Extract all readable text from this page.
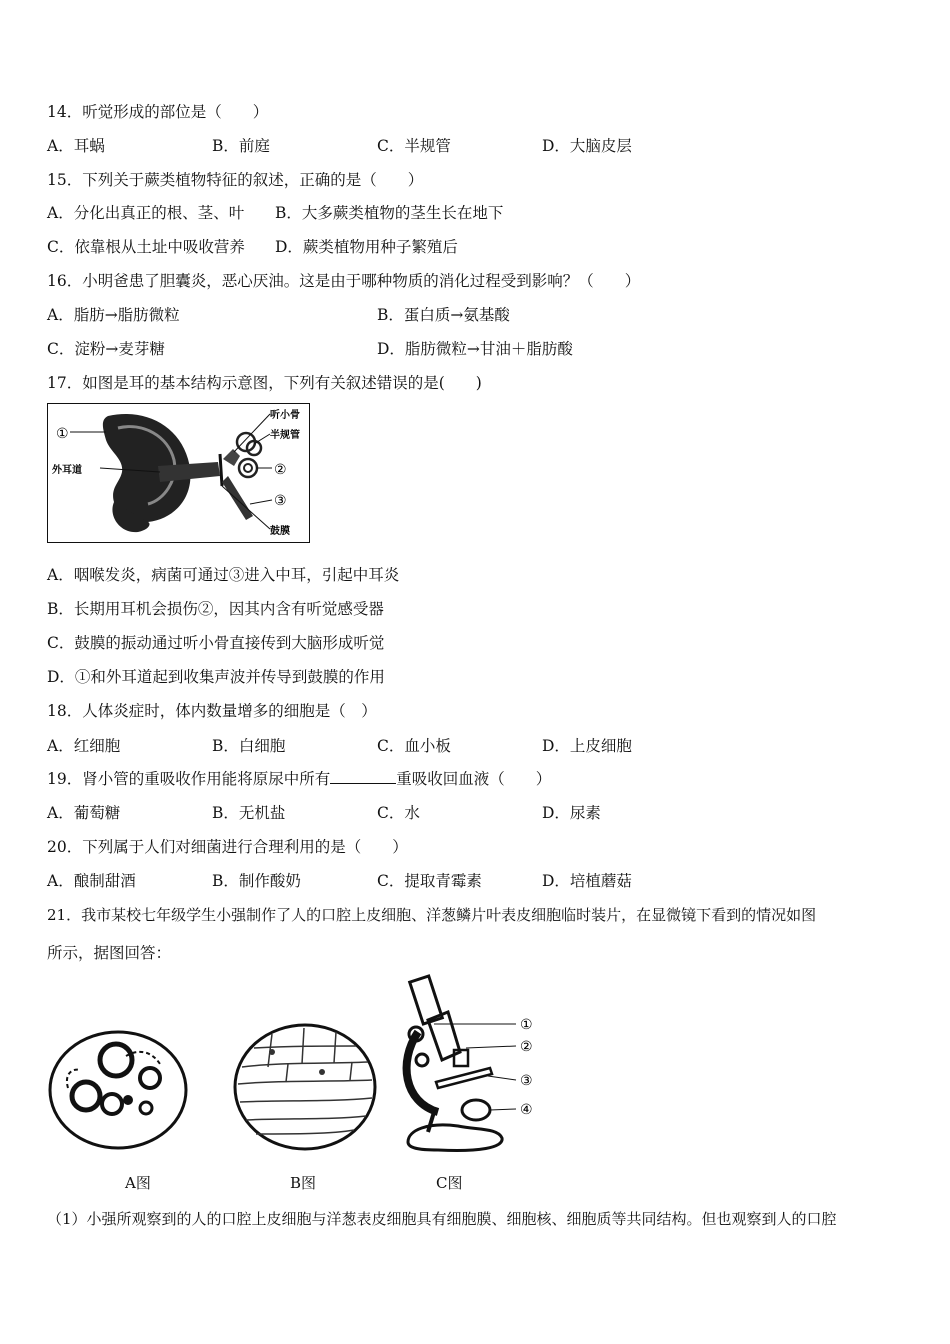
14．听觉形成的部位是（　　）
A．耳蜗	B．前庭	C．半规管	D．大脑皮层
15．下列关于蕨类植物特征的叙述，正确的是（　　）
A．分化出真正的根、茎、叶 B．大多蕨类植物的茎生长在地下
C．依靠根从土址中吸收营养 D．蕨类植物用种子繁殖后
16．小明爸患了胆囊炎，恶心厌油。这是由于哪种物质的消化过程受到影响？（　　）
A．脂肪→脂肪微粒	B．蛋白质→氨基酸
C．淀粉→麦芽糖	D．脂肪微粒→甘油＋脂肪酸
17．如图是耳的基本结构示意图，下列有关叙述错误的是(　　)
①
外耳道
听小骨
半规管
②
③
鼓膜
A．咽喉发炎，病菌可通过③进入中耳，引起中耳炎
B．长期用耳机会损伤②，因其内含有听觉感受器
C．鼓膜的振动通过听小骨直接传到大脑形成听觉
D．①和外耳道起到收集声波并传导到鼓膜的作用
18．人体炎症时，体内数量增多的细胞是（　）
A．红细胞	B．白细胞	C．血小板	D．上皮细胞
19．肾小管的重吸收作用能将原尿中所有	重吸收回血液（　　）
A．葡萄糖	B．无机盐	C．水	D．尿素
20．下列属于人们对细菌进行合理利用的是（　　）
A．酿制甜酒	B．制作酸奶	C．提取青霉素	D．培植蘑菇
21．我市某校七年级学生小强制作了人的口腔上皮细胞、洋葱鳞片叶表皮细胞临时装片，在显微镜下看到的情况如图
所示，据图回答：
A图	B图
①
②
③
④
C图
（1）小强所观察到的人的口腔上皮细胞与洋葱表皮细胞具有细胞膜、细胞核、细胞质等共同结构。但也观察到人的口腔
